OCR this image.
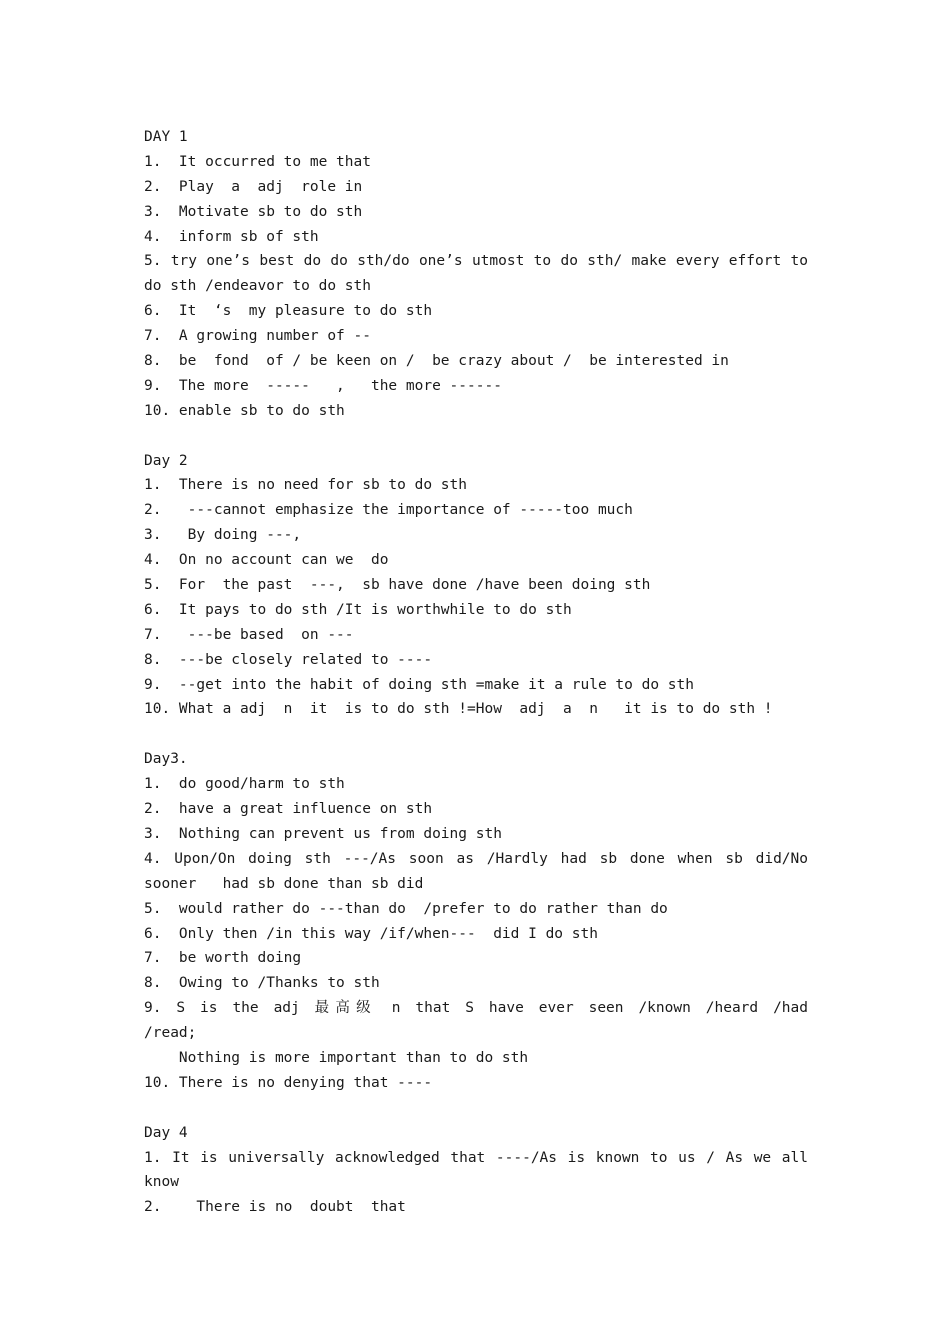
DAY 1
1.  It occurred to me that
2.  Play  a  adj  role in
3.  Motivate sb to do sth
4.  inform sb of sth
5. try one’s best do do sth/do one’s utmost to do sth/ make every effort to
do sth /endeavor to do sth
6.  It  ‘s  my pleasure to do sth
7.  A growing number of --
8.  be  fond  of / be keen on /  be crazy about /  be interested in
9.  The more  -----   ,   the more ------
10. enable sb to do sth
Day 2
1.  There is no need for sb to do sth
2.   ---cannot emphasize the importance of -----too much
3.   By doing ---,
4.  On no account can we  do
5.  For  the past  ---,  sb have done /have been doing sth
6.  It pays to do sth /It is worthwhile to do sth
7.   ---be based  on ---
8.  ---be closely related to ----
9.  --get into the habit of doing sth =make it a rule to do sth
10. What a adj  n  it  is to do sth !=How  adj  a  n   it is to do sth !
Day3.
1.  do good/harm to sth
2.  have a great influence on sth
3.  Nothing can prevent us from doing sth
4. Upon/On doing sth ---/As soon as /Hardly had sb done when sb did/No
sooner   had sb done than sb did
5.  would rather do ---than do  /prefer to do rather than do
6.  Only then /in this way /if/when---  did I do sth
7.  be worth doing
8.  Owing to /Thanks to sth
9. S is the adj 最高级 n that S have ever seen /known /heard /had
/read;
Nothing is more important than to do sth
10. There is no denying that ----
Day 4
1. It is universally acknowledged that ----/As is known to us / As we all
know
2.    There is no  doubt  that
